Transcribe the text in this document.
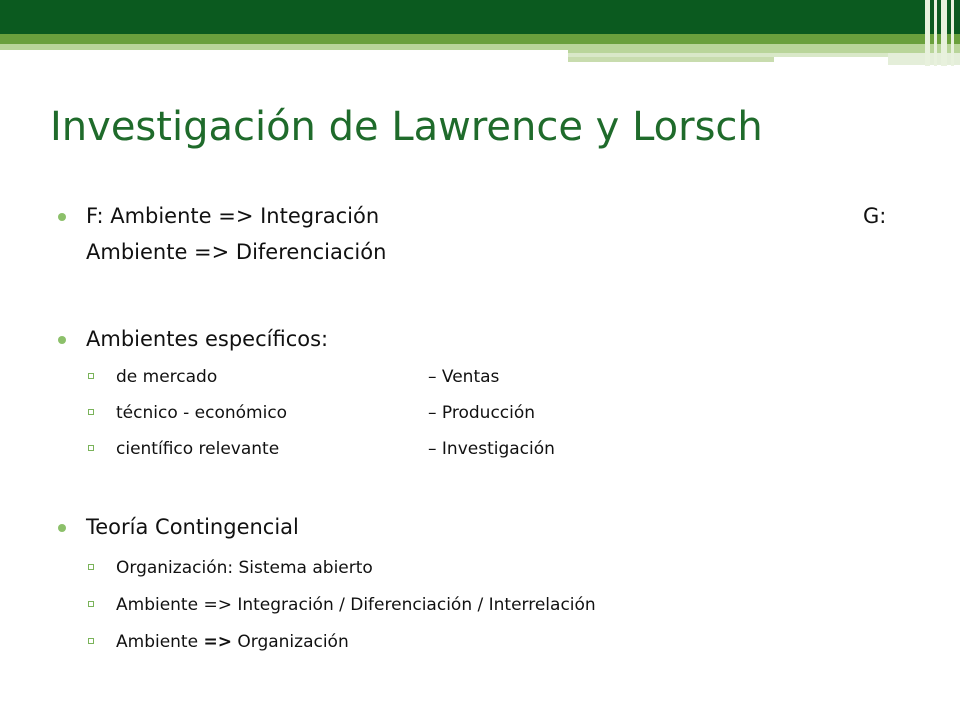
Investigación de Lawrence y Lorsch
F: Ambiente => Integración	G:
Ambiente => Diferenciación
Ambientes específicos:
de mercado	– Ventas
técnico - económico	– Producción
científico relevante	– Investigación
Teoría Contingencial
Organización: Sistema abierto
Ambiente => Integración / Diferenciación / Interrelación
Ambiente => Organización
